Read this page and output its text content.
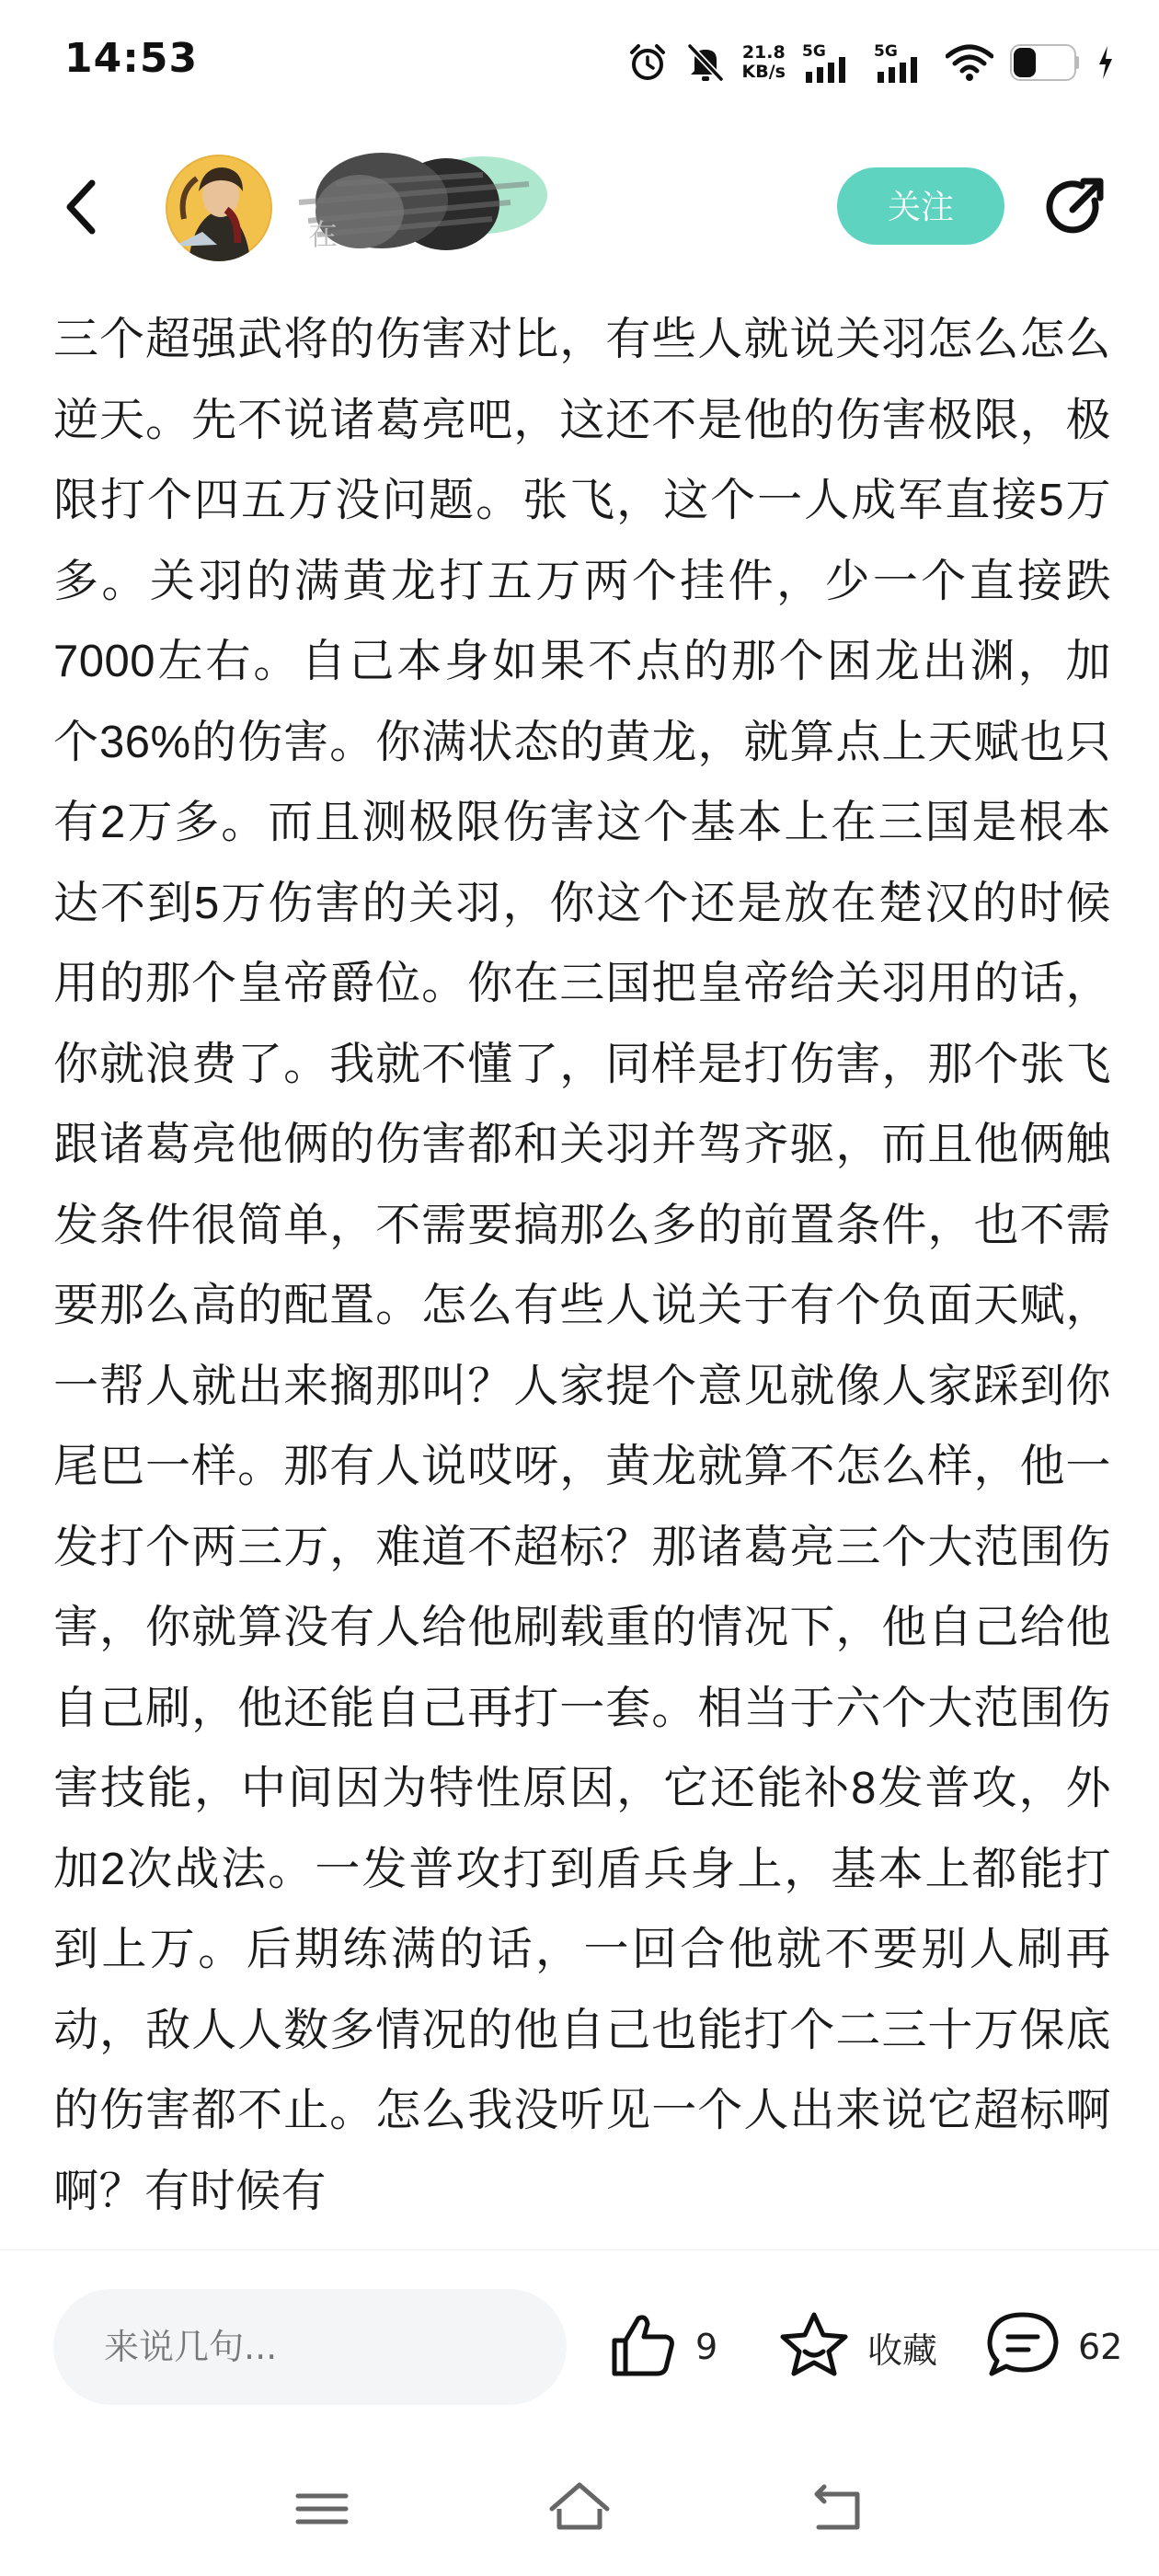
14:53	21.8
KB/s
5G	5G
在
关注

三个超强武将的伤害对比，有些人就说关羽怎么怎么逆天。先不说诸葛亮吧，这还不是他的伤害极限，极限打个四五万没问题。张飞，这个一人成军直接5万多。关羽的满黄龙打五万两个挂件，少一个直接跌7000左右。自己本身如果不点的那个困龙出渊，加个36%的伤害。你满状态的黄龙，就算点上天赋也只有2万多。而且测极限伤害这个基本上在三国是根本达不到5万伤害的关羽，你这个还是放在楚汉的时候用的那个皇帝爵位。你在三国把皇帝给关羽用的话，你就浪费了。我就不懂了，同样是打伤害，那个张飞跟诸葛亮他俩的伤害都和关羽并驾齐驱，而且他俩触发条件很简单，不需要搞那么多的前置条件，也不需要那么高的配置。怎么有些人说关于有个负面天赋，一帮人就出来搁那叫？人家提个意见就像人家踩到你尾巴一样。那有人说哎呀，黄龙就算不怎么样，他一发打个两三万，难道不超标？那诸葛亮三个大范围伤害，你就算没有人给他刷载重的情况下，他自己给他自己刷，他还能自己再打一套。相当于六个大范围伤害技能，中间因为特性原因，它还能补8发普攻，外加2次战法。一发普攻打到盾兵身上，基本上都能打到上万。后期练满的话，一回合他就不要别人刷再动，敌人人数多情况的他自己也能打个二三十万保底的伤害都不止。怎么我没听见一个人出来说它超标啊啊？有时候有

来说几句...	9	收藏	62
